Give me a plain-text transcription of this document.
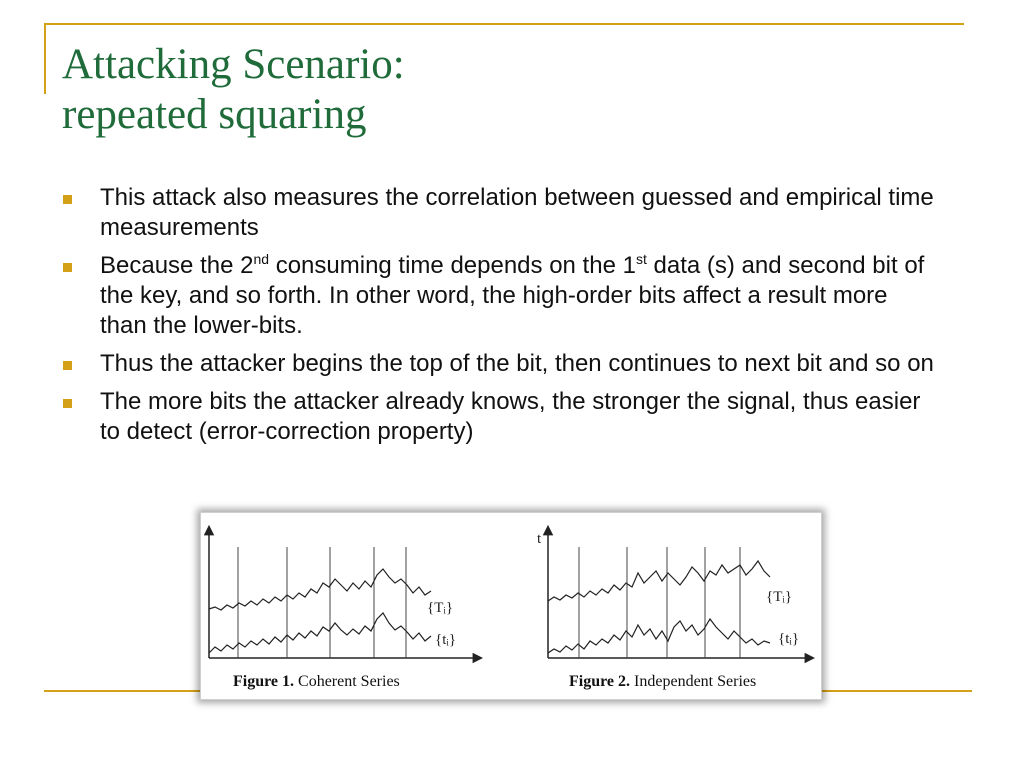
Attacking Scenario:
repeated squaring
This attack also measures the correlation between guessed and empirical time measurements
Because the 2nd consuming time depends on the 1st data (s) and second bit of the key, and so forth. In other word, the high-order bits affect a result more than the lower-bits.
Thus the attacker begins the top of the bit, then continues to next bit and so on
The more bits the attacker already knows, the stronger the signal, thus easier to detect (error-correction property)
{Tᵢ}
{tᵢ}
t
{Tᵢ}
{tᵢ}
Figure 1. Coherent Series	Figure 2. Independent Series
